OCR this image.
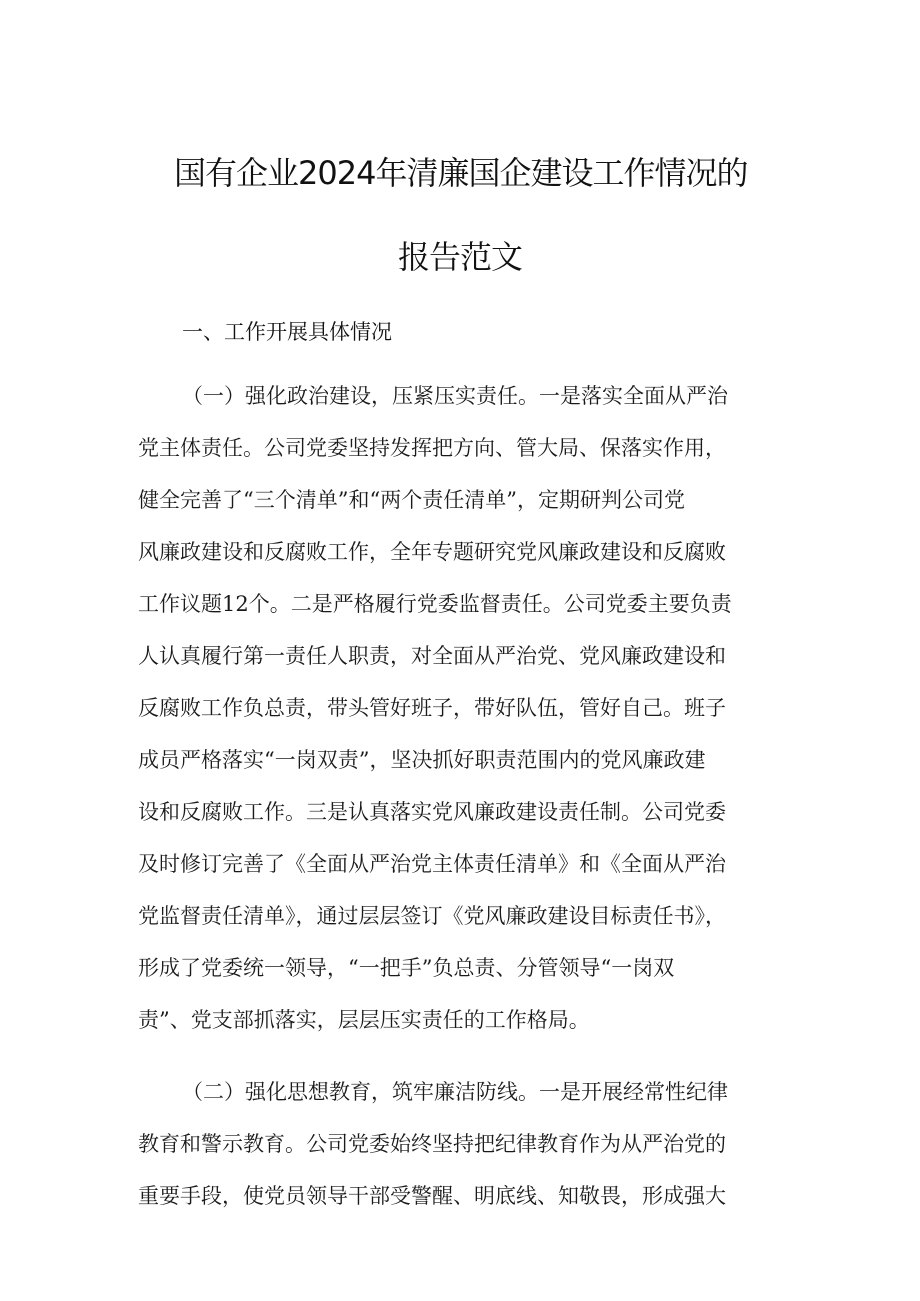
国有企业2024年清廉国企建设工作情况的
报告范文
一、工作开展具体情况
（一）强化政治建设，压紧压实责任。一是落实全面从严治
党主体责任。公司党委坚持发挥把方向、管大局、保落实作用，
健全完善了“三个清单”和“两个责任清单”，定期研判公司党
风廉政建设和反腐败工作，全年专题研究党风廉政建设和反腐败
工作议题12个。二是严格履行党委监督责任。公司党委主要负责
人认真履行第一责任人职责，对全面从严治党、党风廉政建设和
反腐败工作负总责，带头管好班子，带好队伍，管好自己。班子
成员严格落实“一岗双责”，坚决抓好职责范围内的党风廉政建
设和反腐败工作。三是认真落实党风廉政建设责任制。公司党委
及时修订完善了《全面从严治党主体责任清单》和《全面从严治
党监督责任清单》，通过层层签订《党风廉政建设目标责任书》，
形成了党委统一领导，“一把手”负总责、分管领导“一岗双
责”、党支部抓落实，层层压实责任的工作格局。
（二）强化思想教育，筑牢廉洁防线。一是开展经常性纪律
教育和警示教育。公司党委始终坚持把纪律教育作为从严治党的
重要手段，使党员领导干部受警醒、明底线、知敬畏，形成强大
